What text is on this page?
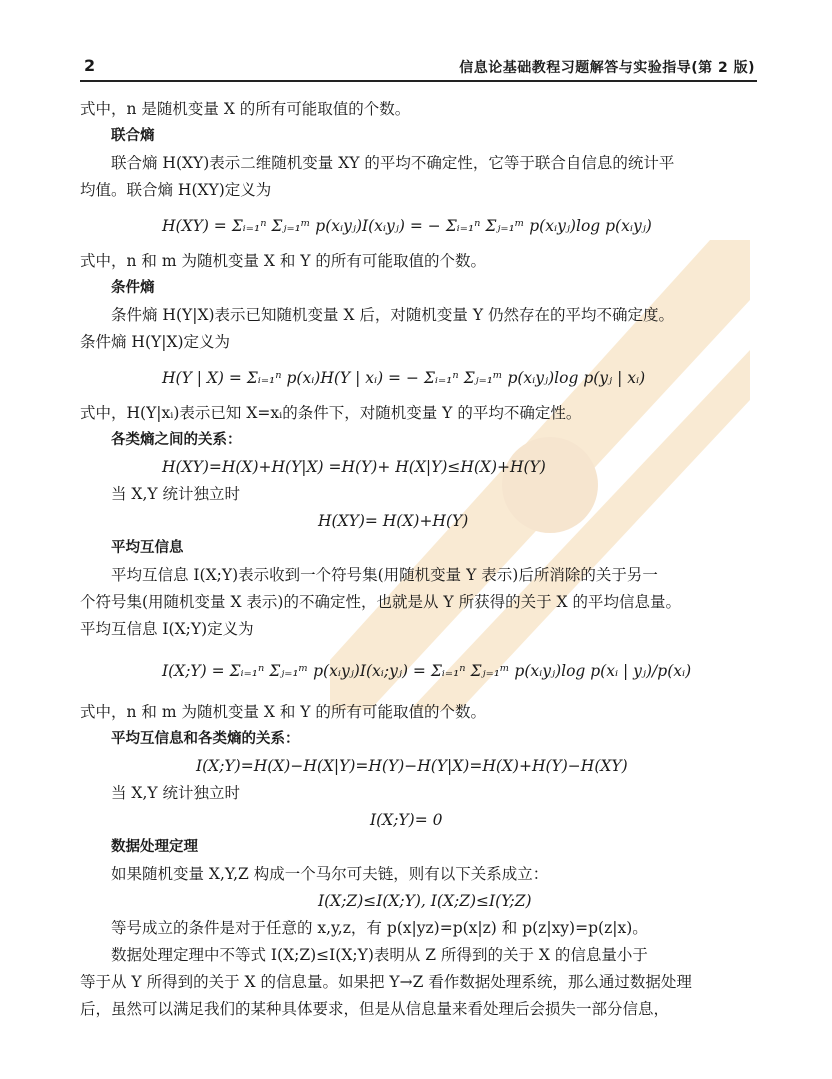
2	信息论基础教程习题解答与实验指导(第 2 版)
式中，n 是随机变量 X 的所有可能取值的个数。
联合熵
联合熵 H(XY)表示二维随机变量 XY 的平均不确定性，它等于联合自信息的统计平
均值。联合熵 H(XY)定义为
H(XY) = Σᵢ₌₁ⁿ Σⱼ₌₁ᵐ p(xᵢyⱼ)I(xᵢyⱼ) = − Σᵢ₌₁ⁿ Σⱼ₌₁ᵐ p(xᵢyⱼ)log p(xᵢyⱼ)
式中，n 和 m 为随机变量 X 和 Y 的所有可能取值的个数。
条件熵
条件熵 H(Y|X)表示已知随机变量 X 后，对随机变量 Y 仍然存在的平均不确定度。
条件熵 H(Y|X)定义为
H(Y | X) = Σᵢ₌₁ⁿ p(xᵢ)H(Y | xᵢ) = − Σᵢ₌₁ⁿ Σⱼ₌₁ᵐ p(xᵢyⱼ)log p(yⱼ | xᵢ)
式中，H(Y|xᵢ)表示已知 X=xᵢ的条件下，对随机变量 Y 的平均不确定性。
各类熵之间的关系：
H(XY)=H(X)+H(Y|X) =H(Y)+ H(X|Y)≤H(X)+H(Y)
当 X,Y 统计独立时
H(XY)= H(X)+H(Y)
平均互信息
平均互信息 I(X;Y)表示收到一个符号集(用随机变量 Y 表示)后所消除的关于另一
个符号集(用随机变量 X 表示)的不确定性，也就是从 Y 所获得的关于 X 的平均信息量。
平均互信息 I(X;Y)定义为
I(X;Y) = Σᵢ₌₁ⁿ Σⱼ₌₁ᵐ p(xᵢyⱼ)I(xᵢ;yⱼ) = Σᵢ₌₁ⁿ Σⱼ₌₁ᵐ p(xᵢyⱼ)log p(xᵢ | yⱼ)/p(xᵢ)
式中，n 和 m 为随机变量 X 和 Y 的所有可能取值的个数。
平均互信息和各类熵的关系：
I(X;Y)=H(X)−H(X|Y)=H(Y)−H(Y|X)=H(X)+H(Y)−H(XY)
当 X,Y 统计独立时
I(X;Y)= 0
数据处理定理
如果随机变量 X,Y,Z 构成一个马尔可夫链，则有以下关系成立：
I(X;Z)≤I(X;Y), I(X;Z)≤I(Y;Z)
等号成立的条件是对于任意的 x,y,z，有 p(x|yz)=p(x|z) 和 p(z|xy)=p(z|x)。
数据处理定理中不等式 I(X;Z)≤I(X;Y)表明从 Z 所得到的关于 X 的信息量小于
等于从 Y 所得到的关于 X 的信息量。如果把 Y→Z 看作数据处理系统，那么通过数据处理
后，虽然可以满足我们的某种具体要求，但是从信息量来看处理后会损失一部分信息，
